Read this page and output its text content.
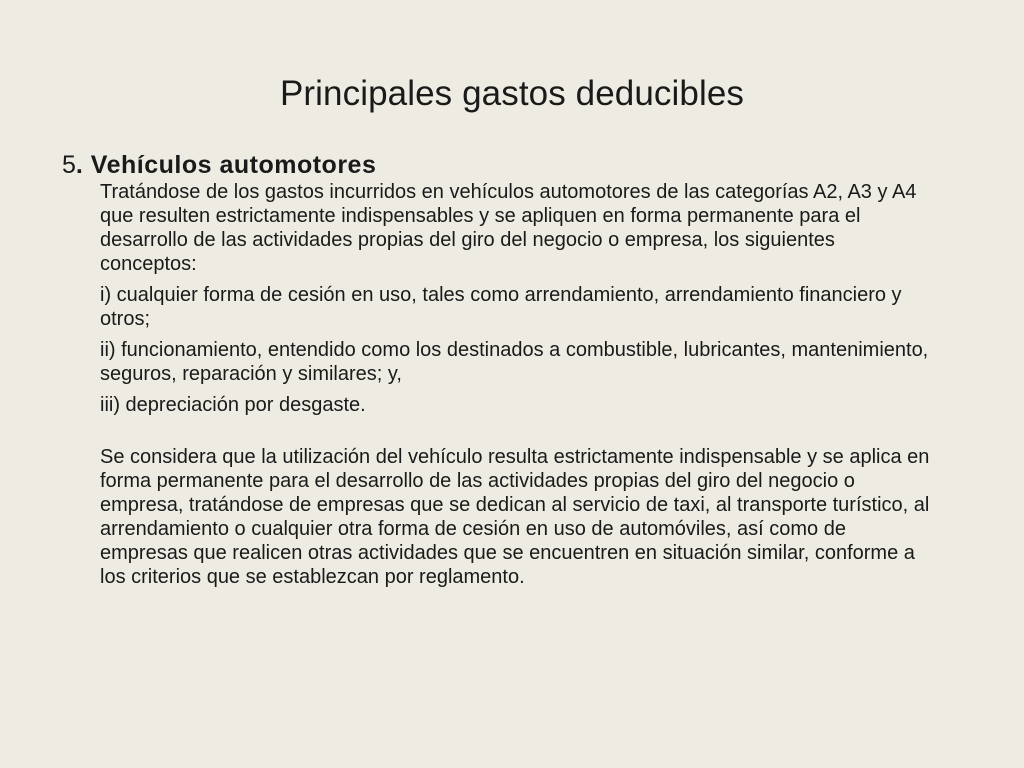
Principales gastos deducibles

5. Vehículos automotores

Tratándose de los gastos incurridos en vehículos automotores de las categorías A2, A3 y A4 que resulten estrictamente indispensables y se apliquen en forma permanente para el desarrollo de las actividades propias del giro del negocio o empresa, los siguientes conceptos:

i) cualquier forma de cesión en uso, tales como arrendamiento, arrendamiento financiero y otros;

ii) funcionamiento, entendido como los destinados a combustible, lubricantes, mantenimiento, seguros, reparación y similares; y,

iii) depreciación por desgaste.

Se considera que la utilización del vehículo resulta estrictamente indispensable y se aplica en forma permanente para el desarrollo de las actividades propias del giro del negocio o empresa, tratándose de empresas que se dedican al servicio de taxi, al transporte turístico, al arrendamiento o cualquier otra forma de cesión en uso de automóviles, así como de empresas que realicen otras actividades que se encuentren en situación similar, conforme a los criterios que se establezcan por reglamento.
